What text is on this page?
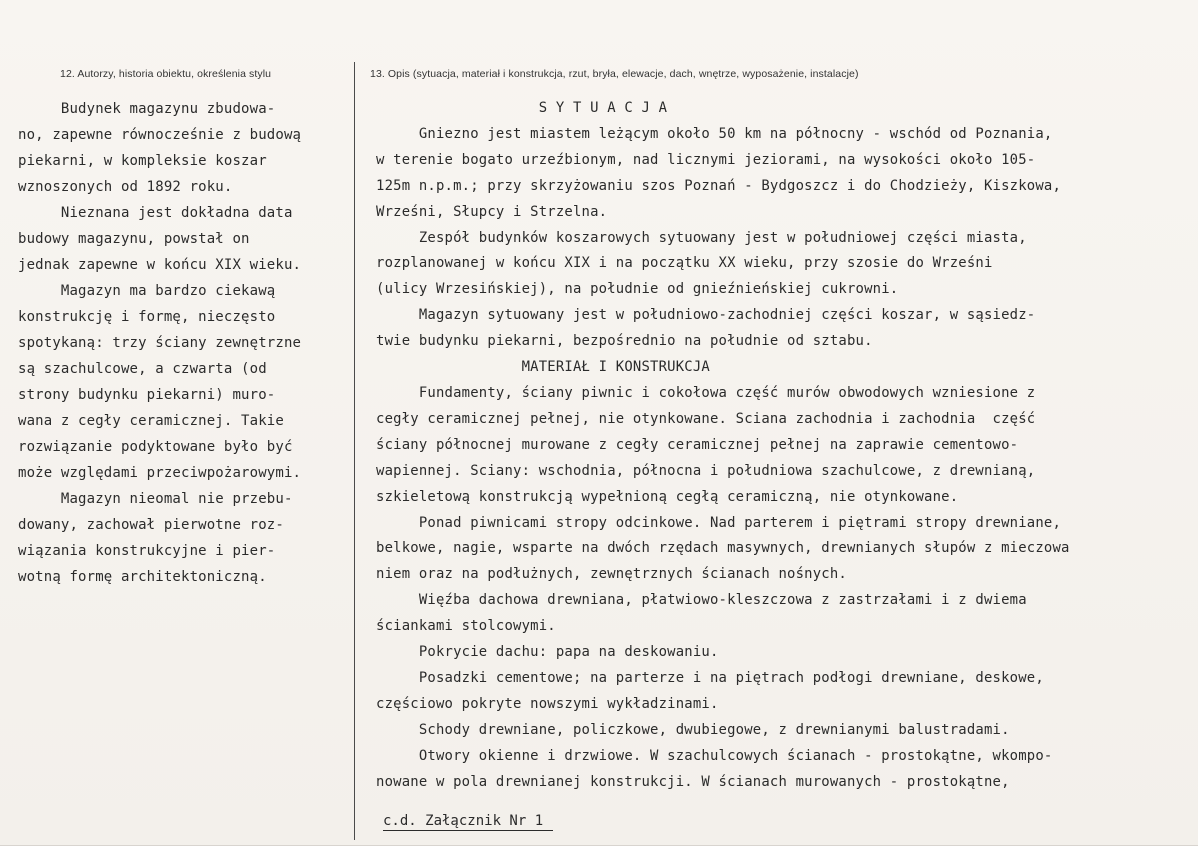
12. Autorzy, historia obiektu, określenia stylu	13. Opis (sytuacja, materiał i konstrukcja, rzut, bryła, elewacje, dach, wnętrze, wyposażenie, instalacje)
Budynek magazynu zbudowa-
no, zapewne równocześnie z budową
piekarni, w kompleksie koszar
wznoszonych od 1892 roku.
Nieznana jest dokładna data
budowy magazynu, powstał on
jednak zapewne w końcu XIX wieku.
Magazyn ma bardzo ciekawą
konstrukcję i formę, nieczęsto
spotykaną: trzy ściany zewnętrzne
są szachulcowe, a czwarta (od
strony budynku piekarni) muro-
wana z cegły ceramicznej. Takie
rozwiązanie podyktowane było być
może względami przeciwpożarowymi.
Magazyn nieomal nie przebu-
dowany, zachował pierwotne roz-
wiązania konstrukcyjne i pier-
wotną formę architektoniczną.
S Y T U A C J A
Gniezno jest miastem leżącym około 50 km na północny - wschód od Poznania,
w terenie bogato urzeźbionym, nad licznymi jeziorami, na wysokości około 105-
125m n.p.m.; przy skrzyżowaniu szos Poznań - Bydgoszcz i do Chodzieży, Kiszkowa,
Wrześni, Słupcy i Strzelna.
Zespół budynków koszarowych sytuowany jest w południowej części miasta,
rozplanowanej w końcu XIX i na początku XX wieku, przy szosie do Wrześni
(ulicy Wrzesińskiej), na południe od gnieźnieńskiej cukrowni.
Magazyn sytuowany jest w południowo-zachodniej części koszar, w sąsiedz-
twie budynku piekarni, bezpośrednio na południe od sztabu.
MATERIAŁ I KONSTRUKCJA
Fundamenty, ściany piwnic i cokołowa część murów obwodowych wzniesione z
cegły ceramicznej pełnej, nie otynkowane. Sciana zachodnia i zachodnia  część
ściany północnej murowane z cegły ceramicznej pełnej na zaprawie cementowo-
wapiennej. Sciany: wschodnia, północna i południowa szachulcowe, z drewnianą,
szkieletową konstrukcją wypełnioną cegłą ceramiczną, nie otynkowane.
Ponad piwnicami stropy odcinkowe. Nad parterem i piętrami stropy drewniane,
belkowe, nagie, wsparte na dwóch rzędach masywnych, drewnianych słupów z mieczowa
niem oraz na podłużnych, zewnętrznych ścianach nośnych.
Więźba dachowa drewniana, płatwiowo-kleszczowa z zastrzałami i z dwiema
ściankami stolcowymi.
Pokrycie dachu: papa na deskowaniu.
Posadzki cementowe; na parterze i na piętrach podłogi drewniane, deskowe,
częściowo pokryte nowszymi wykładzinami.
Schody drewniane, policzkowe, dwubiegowe, z drewnianymi balustradami.
Otwory okienne i drzwiowe. W szachulcowych ścianach - prostokątne, wkompo-
nowane w pola drewnianej konstrukcji. W ścianach murowanych - prostokątne,
c.d. Załącznik Nr 1
